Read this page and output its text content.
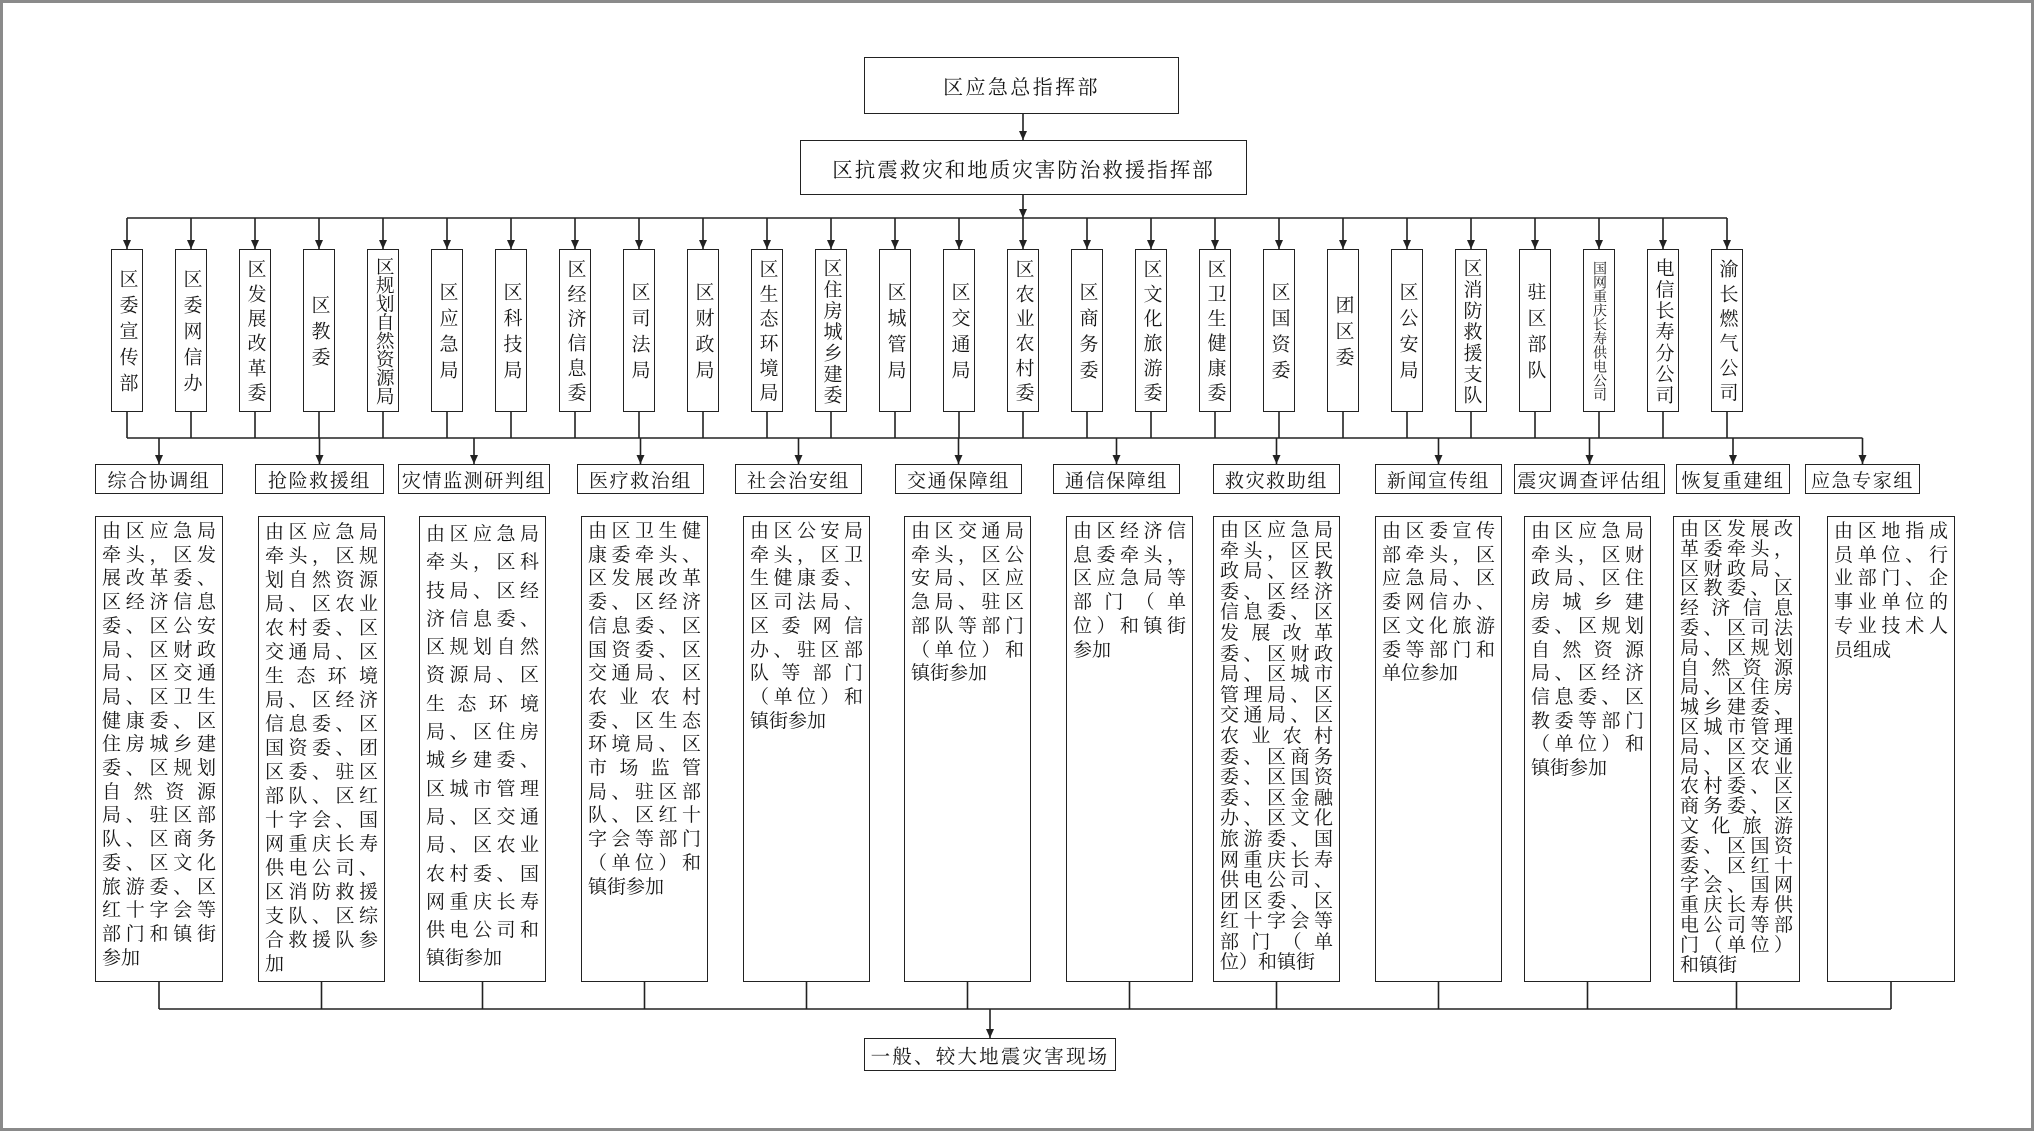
区应急总指挥部
区抗震救灾和地质灾害防治救援指挥部
区委宣传部 区委网信办 区发展改革委 区教委 区规划自然资源局 区应急局 区科技局 区经济信息委 区司法局 区财政局 区生态环境局 区住房城乡建委 区城管局 区交通局 区农业农村委 区商务委 区文化旅游委 区卫生健康委 区国资委 团区委 区公安局 区消防救援支队 驻区部队	国网重庆长寿供电公司 电信长寿分公司 渝长燃气公司
综合协调组
由区应急局
牵头，区发
展改革委、
区经济信息
委、区公安
局、区财政
局、区交通
局、区卫生
健康委、区
住房城乡建
委、区规划
自然资源
局、驻区部
队、区商务
委、区文化
旅游委、区
红十字会等
部门和镇街
参加
抢险救援组
由区应急局
牵头，区规
划自然资源
局、区农业
农村委、区
交通局、区
生态环境
局、区经济
信息委、区
国资委、团
区委、驻区
部队、区红
十字会、国
网重庆长寿
供电公司、
区消防救援
支队、区综
合救援队参
加
灾情监测研判组
由区应急局
牵头，区科
技局、区经
济信息委、
区规划自然
资源局、区
生态环境
局、区住房
城乡建委、
区城市管理
局、区交通
局、区农业
农村委、国
网重庆长寿
供电公司和
镇街参加
医疗救治组
由区卫生健
康委牵头、
区发展改革
委、区经济
信息委、区
国资委、区
交通局、区
农业农村
委、区生态
环境局、区
市场监管
局、驻区部
队、区红十
字会等部门
（单位）和
镇街参加
社会治安组
由区公安局
牵头，区卫
生健康委、
区司法局、
区委网信
办、驻区部
队等部门
（单位）和
镇街参加
交通保障组
由区交通局
牵头，区公
安局、区应
急局、驻区
部队等部门
（单位）和
镇街参加
通信保障组
由区经济信
息委牵头，
区应急局等
部门（单
位）和镇街
参加
救灾救助组
由区应急局
牵头，区民
政局、区教
委、区经济
信息委、区
发展改革
委、区财政
局、区城市
管理局、区
交通局、区
农业农村
委、区商务
委、区国资
委、区金融
办、区文化
旅游委、国
网重庆长寿
供电公司、
团区委、区
红十字会等
部门（单
位）和镇街
新闻宣传组
由区委宣传
部牵头，区
应急局、区
委网信办、
区文化旅游
委等部门和
单位参加
震灾调查评估组
由区应急局
牵头，区财
政局、区住
房城乡建
委、区规划
自然资源
局、区经济
信息委、区
教委等部门
（单位）和
镇街参加
恢复重建组
由区发展改
革委牵头，
区财政局、
区教委、区
经济信息
委、区司法
局、区规划
自然资源
局、区住房
城乡建委、
区城市管理
局、区交通
局、区农业
农村委、区
商务委、区
文化旅游
委、区国资
委、区红十
字会、国网
重庆长寿供
电公司等部
门（单位）
和镇街
应急专家组
由区地指成
员单位、行
业部门、企
事业单位的
专业技术人
员组成
一般、较大地震灾害现场
